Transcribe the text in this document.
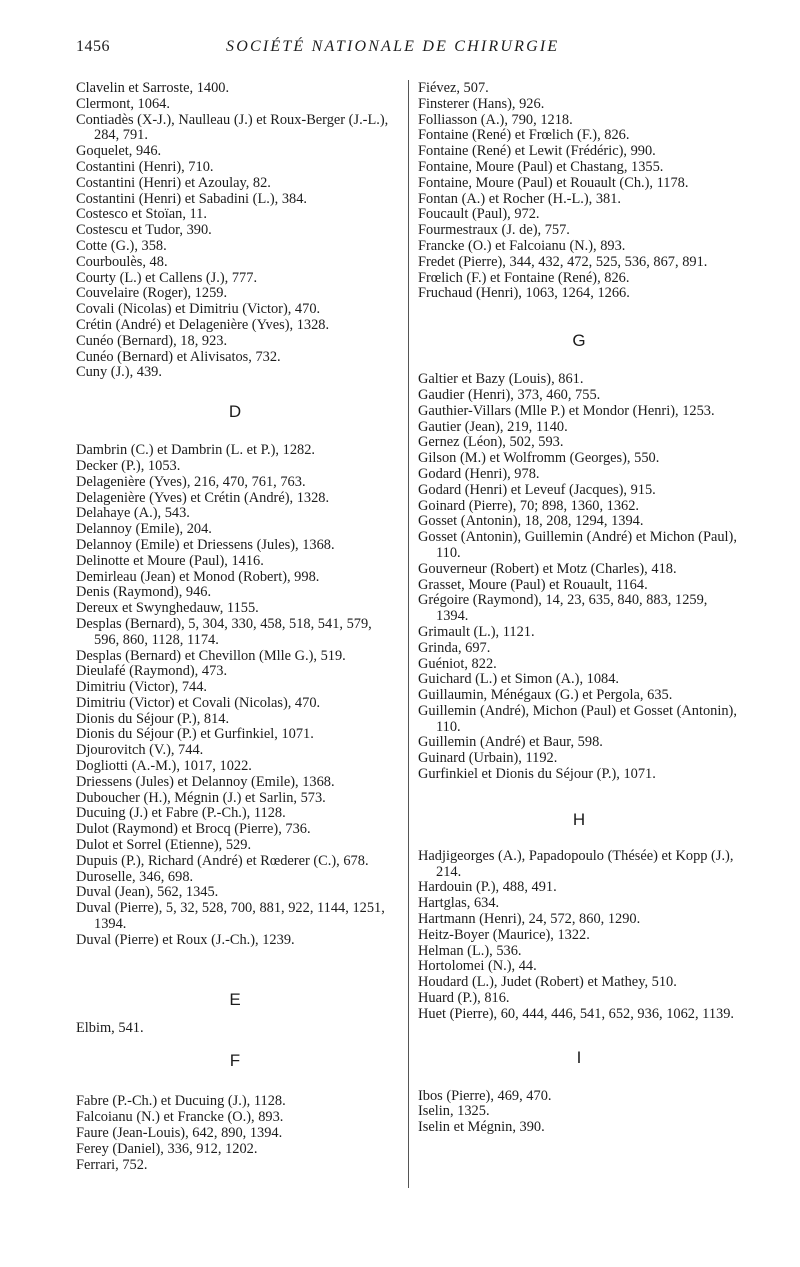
1456	SOCIÉTÉ NATIONALE DE CHIRURGIE
Clavelin et Sarroste, 1400.
Clermont, 1064.
Contiadès (X-J.), Naulleau (J.) et Roux-Berger (J.-L.), 284, 791.
Goquelet, 946.
Costantini (Henri), 710.
Costantini (Henri) et Azoulay, 82.
Costantini (Henri) et Sabadini (L.), 384.
Costesco et Stoïan, 11.
Costescu et Tudor, 390.
Cotte (G.), 358.
Courboulès, 48.
Courty (L.) et Callens (J.), 777.
Couvelaire (Roger), 1259.
Covali (Nicolas) et Dimitriu (Victor), 470.
Crétin (André) et Delagenière (Yves), 1328.
Cunéo (Bernard), 18, 923.
Cunéo (Bernard) et Alivisatos, 732.
Cuny (J.), 439.
D
Dambrin (C.) et Dambrin (L. et P.), 1282.
Decker (P.), 1053.
Delagenière (Yves), 216, 470, 761, 763.
Delagenière (Yves) et Crétin (André), 1328.
Delahaye (A.), 543.
Delannoy (Emile), 204.
Delannoy (Emile) et Driessens (Jules), 1368.
Delinotte et Moure (Paul), 1416.
Demirleau (Jean) et Monod (Robert), 998.
Denis (Raymond), 946.
Dereux et Swynghedauw, 1155.
Desplas (Bernard), 5, 304, 330, 458, 518, 541, 579, 596, 860, 1128, 1174.
Desplas (Bernard) et Chevillon (Mlle G.), 519.
Dieulafé (Raymond), 473.
Dimitriu (Victor), 744.
Dimitriu (Victor) et Covali (Nicolas), 470.
Dionis du Séjour (P.), 814.
Dionis du Séjour (P.) et Gurfinkiel, 1071.
Djourovitch (V.), 744.
Dogliotti (A.-M.), 1017, 1022.
Driessens (Jules) et Delannoy (Emile), 1368.
Duboucher (H.), Mégnin (J.) et Sarlin, 573.
Ducuing (J.) et Fabre (P.-Ch.), 1128.
Dulot (Raymond) et Brocq (Pierre), 736.
Dulot et Sorrel (Etienne), 529.
Dupuis (P.), Richard (André) et Rœderer (C.), 678.
Duroselle, 346, 698.
Duval (Jean), 562, 1345.
Duval (Pierre), 5, 32, 528, 700, 881, 922, 1144, 1251, 1394.
Duval (Pierre) et Roux (J.-Ch.), 1239.
E
Elbim, 541.
F
Fabre (P.-Ch.) et Ducuing (J.), 1128.
Falcoianu (N.) et Francke (O.), 893.
Faure (Jean-Louis), 642, 890, 1394.
Ferey (Daniel), 336, 912, 1202.
Ferrari, 752.
Fiévez, 507.
Finsterer (Hans), 926.
Folliasson (A.), 790, 1218.
Fontaine (René) et Frœlich (F.), 826.
Fontaine (René) et Lewit (Frédéric), 990.
Fontaine, Moure (Paul) et Chastang, 1355.
Fontaine, Moure (Paul) et Rouault (Ch.), 1178.
Fontan (A.) et Rocher (H.-L.), 381.
Foucault (Paul), 972.
Fourmestraux (J. de), 757.
Francke (O.) et Falcoianu (N.), 893.
Fredet (Pierre), 344, 432, 472, 525, 536, 867, 891.
Frœlich (F.) et Fontaine (René), 826.
Fruchaud (Henri), 1063, 1264, 1266.
G
Galtier et Bazy (Louis), 861.
Gaudier (Henri), 373, 460, 755.
Gauthier-Villars (Mlle P.) et Mondor (Henri), 1253.
Gautier (Jean), 219, 1140.
Gernez (Léon), 502, 593.
Gilson (M.) et Wolfromm (Georges), 550.
Godard (Henri), 978.
Godard (Henri) et Leveuf (Jacques), 915.
Goinard (Pierre), 70; 898, 1360, 1362.
Gosset (Antonin), 18, 208, 1294, 1394.
Gosset (Antonin), Guillemin (André) et Michon (Paul), 110.
Gouverneur (Robert) et Motz (Charles), 418.
Grasset, Moure (Paul) et Rouault, 1164.
Grégoire (Raymond), 14, 23, 635, 840, 883, 1259, 1394.
Grimault (L.), 1121.
Grinda, 697.
Guéniot, 822.
Guichard (L.) et Simon (A.), 1084.
Guillaumin, Ménégaux (G.) et Pergola, 635.
Guillemin (André), Michon (Paul) et Gosset (Antonin), 110.
Guillemin (André) et Baur, 598.
Guinard (Urbain), 1192.
Gurfinkiel et Dionis du Séjour (P.), 1071.
H
Hadjigeorges (A.), Papadopoulo (Thésée) et Kopp (J.), 214.
Hardouin (P.), 488, 491.
Hartglas, 634.
Hartmann (Henri), 24, 572, 860, 1290.
Heitz-Boyer (Maurice), 1322.
Helman (L.), 536.
Hortolomei (N.), 44.
Houdard (L.), Judet (Robert) et Mathey, 510.
Huard (P.), 816.
Huet (Pierre), 60, 444, 446, 541, 652, 936, 1062, 1139.
I
Ibos (Pierre), 469, 470.
Iselin, 1325.
Iselin et Mégnin, 390.
